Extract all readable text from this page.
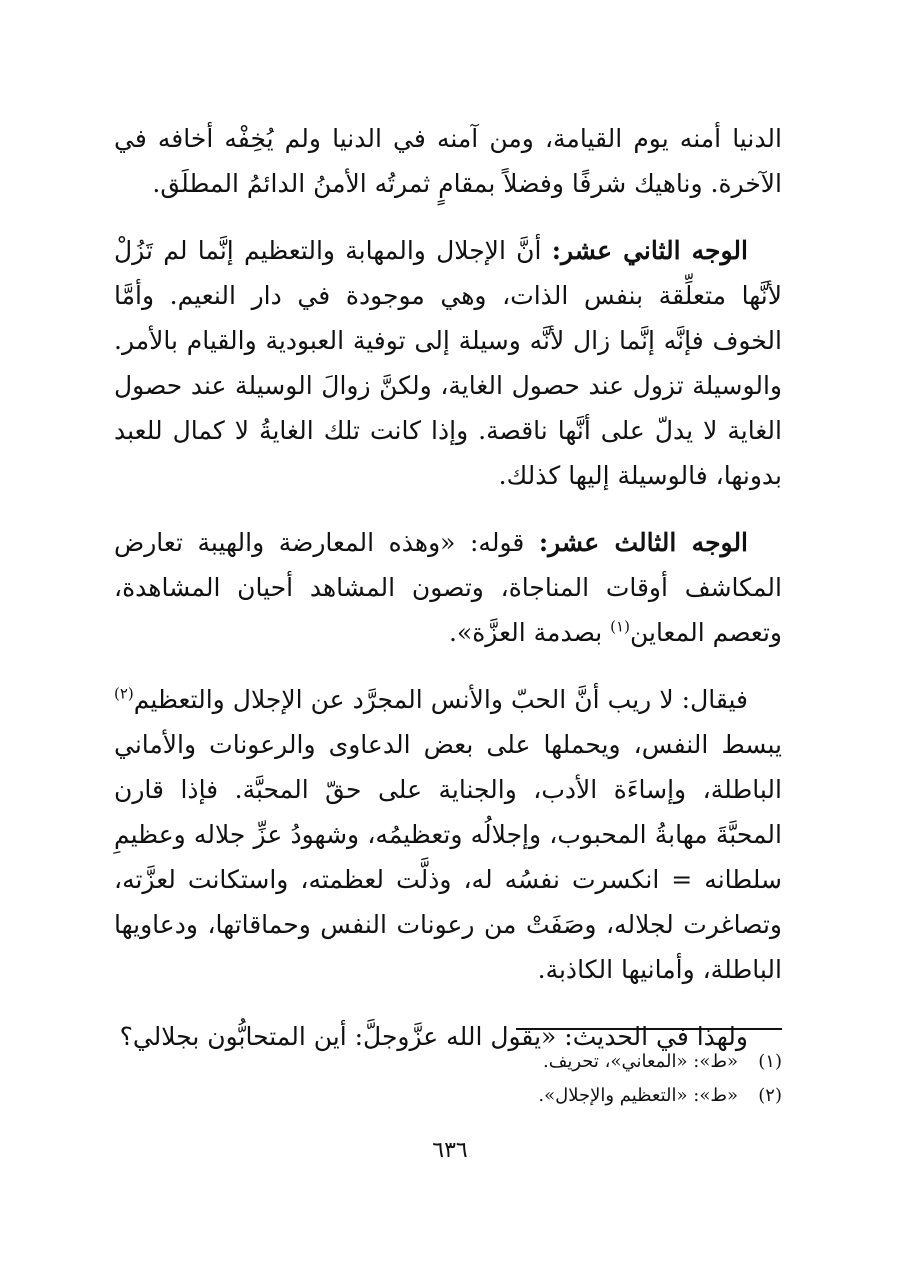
الدنيا أمنه يوم القيامة، ومن آمنه في الدنيا ولم يُخِفْه أخافه في الآخرة. وناهيك شرفًا وفضلاً بمقامٍ ثمرتُه الأمنُ الدائمُ المطلَق.

الوجه الثاني عشر: أنَّ الإجلال والمهابة والتعظيم إنَّما لم تَزُلْ لأنَّها متعلِّقة بنفس الذات، وهي موجودة في دار النعيم. وأمَّا الخوف فإنَّه إنَّما زال لأنَّه وسيلة إلى توفية العبودية والقيام بالأمر. والوسيلة تزول عند حصول الغاية، ولكنَّ زوالَ الوسيلة عند حصول الغاية لا يدلّ على أنَّها ناقصة. وإذا كانت تلك الغايةُ لا كمال للعبد بدونها، فالوسيلة إليها كذلك.

الوجه الثالث عشر: قوله: «وهذه المعارضة والهيبة تعارض المكاشف أوقات المناجاة، وتصون المشاهد أحيان المشاهدة، وتعصم المعاين$^{(١)}$ بصدمة العزَّة».

فيقال: لا ريب أنَّ الحبّ والأنس المجرَّد عن الإجلال والتعظيم$^{(٢)}$ يبسط النفس، ويحملها على بعض الدعاوى والرعونات والأماني الباطلة، وإساءَة الأدب، والجناية على حقّ المحبَّة. فإذا قارن المحبَّةَ مهابةُ المحبوب، وإجلالُه وتعظيمُه، وشهودُ عزِّ جلاله وعظيمِ سلطانه = انكسرت نفسُه له، وذلَّت لعظمته، واستكانت لعزَّته، وتصاغرت لجلاله، وصَفَتْ من رعونات النفس وحماقاتها، ودعاويها الباطلة، وأمانيها الكاذبة.

ولهذا في الحديث: «يقول الله عزَّوجلَّ: أين المتحابُّون بجلالي؟

(١)
«ط»: «المعاني»، تحريف.
(٢)
«ط»: «التعظيم والإجلال».
٦٣٦
